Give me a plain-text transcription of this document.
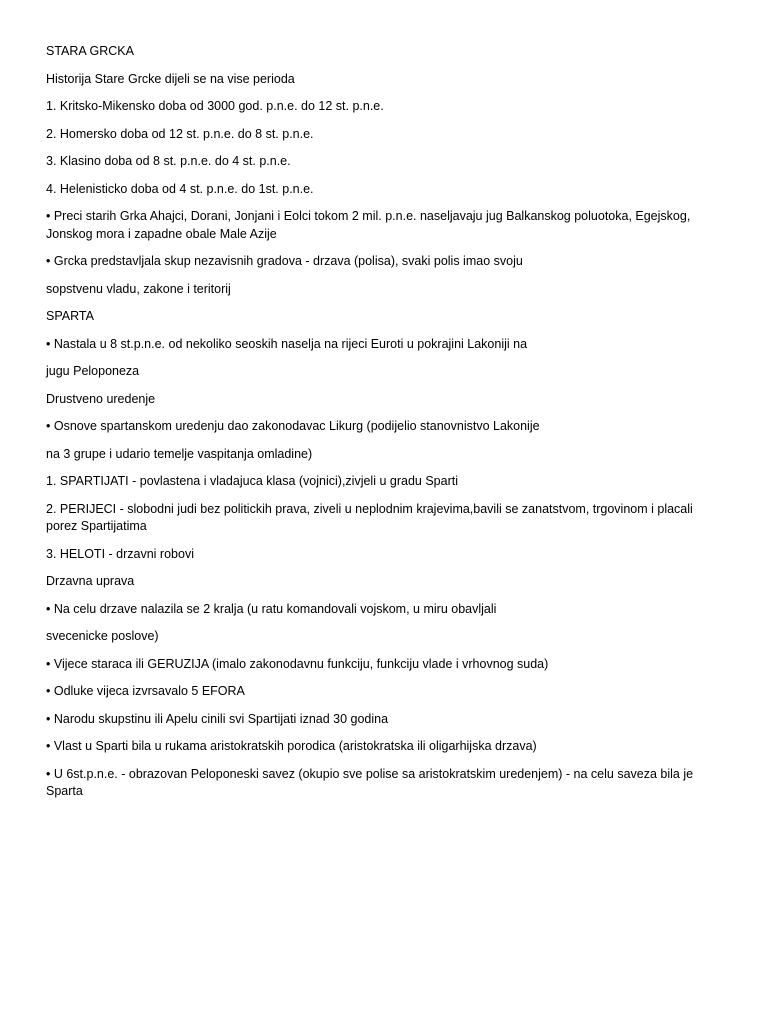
STARA GRCKA

Historija Stare Grcke dijeli se na vise perioda

1. Kritsko-Mikensko doba od 3000 god. p.n.e. do 12 st. p.n.e.

2. Homersko doba od 12 st. p.n.e. do 8 st. p.n.e.

3. Klasino doba od 8 st. p.n.e. do 4 st. p.n.e.

4. Helenisticko doba od 4 st. p.n.e. do 1st. p.n.e.

• Preci starih Grka Ahajci, Dorani, Jonjani i Eolci tokom 2 mil. p.n.e. naseljavaju jug Balkanskog poluotoka, Egejskog, Jonskog mora i zapadne obale Male Azije

• Grcka predstavljala skup nezavisnih gradova - drzava (polisa), svaki polis imao svoju

sopstvenu vladu, zakone i teritorij

SPARTA

• Nastala u 8 st.p.n.e. od nekoliko seoskih naselja na rijeci Euroti u pokrajini Lakoniji na

jugu Peloponeza

Drustveno uredenje

• Osnove spartanskom uredenju dao zakonodavac Likurg (podijelio stanovnistvo Lakonije

na 3 grupe i udario temelje vaspitanja omladine)

1. SPARTIJATI - povlastena i vladajuca klasa (vojnici),zivjeli u gradu Sparti

2. PERIJECI - slobodni judi bez politickih prava, ziveli u neplodnim krajevima,bavili se zanatstvom, trgovinom i placali porez Spartijatima

3. HELOTI - drzavni robovi

Drzavna uprava

• Na celu drzave nalazila se 2 kralja (u ratu komandovali vojskom, u miru obavljali

svecenicke poslove)

• Vijece staraca ili GERUZIJA (imalo zakonodavnu funkciju, funkciju vlade i vrhovnog suda)

• Odluke vijeca izvrsavalo 5 EFORA

• Narodu skupstinu ili Apelu cinili svi Spartijati iznad 30 godina

• Vlast u Sparti bila u rukama aristokratskih porodica (aristokratska ili oligarhijska drzava)

• U 6st.p.n.e. - obrazovan Peloponeski savez (okupio sve polise sa aristokratskim uredenjem) - na celu saveza bila je Sparta
